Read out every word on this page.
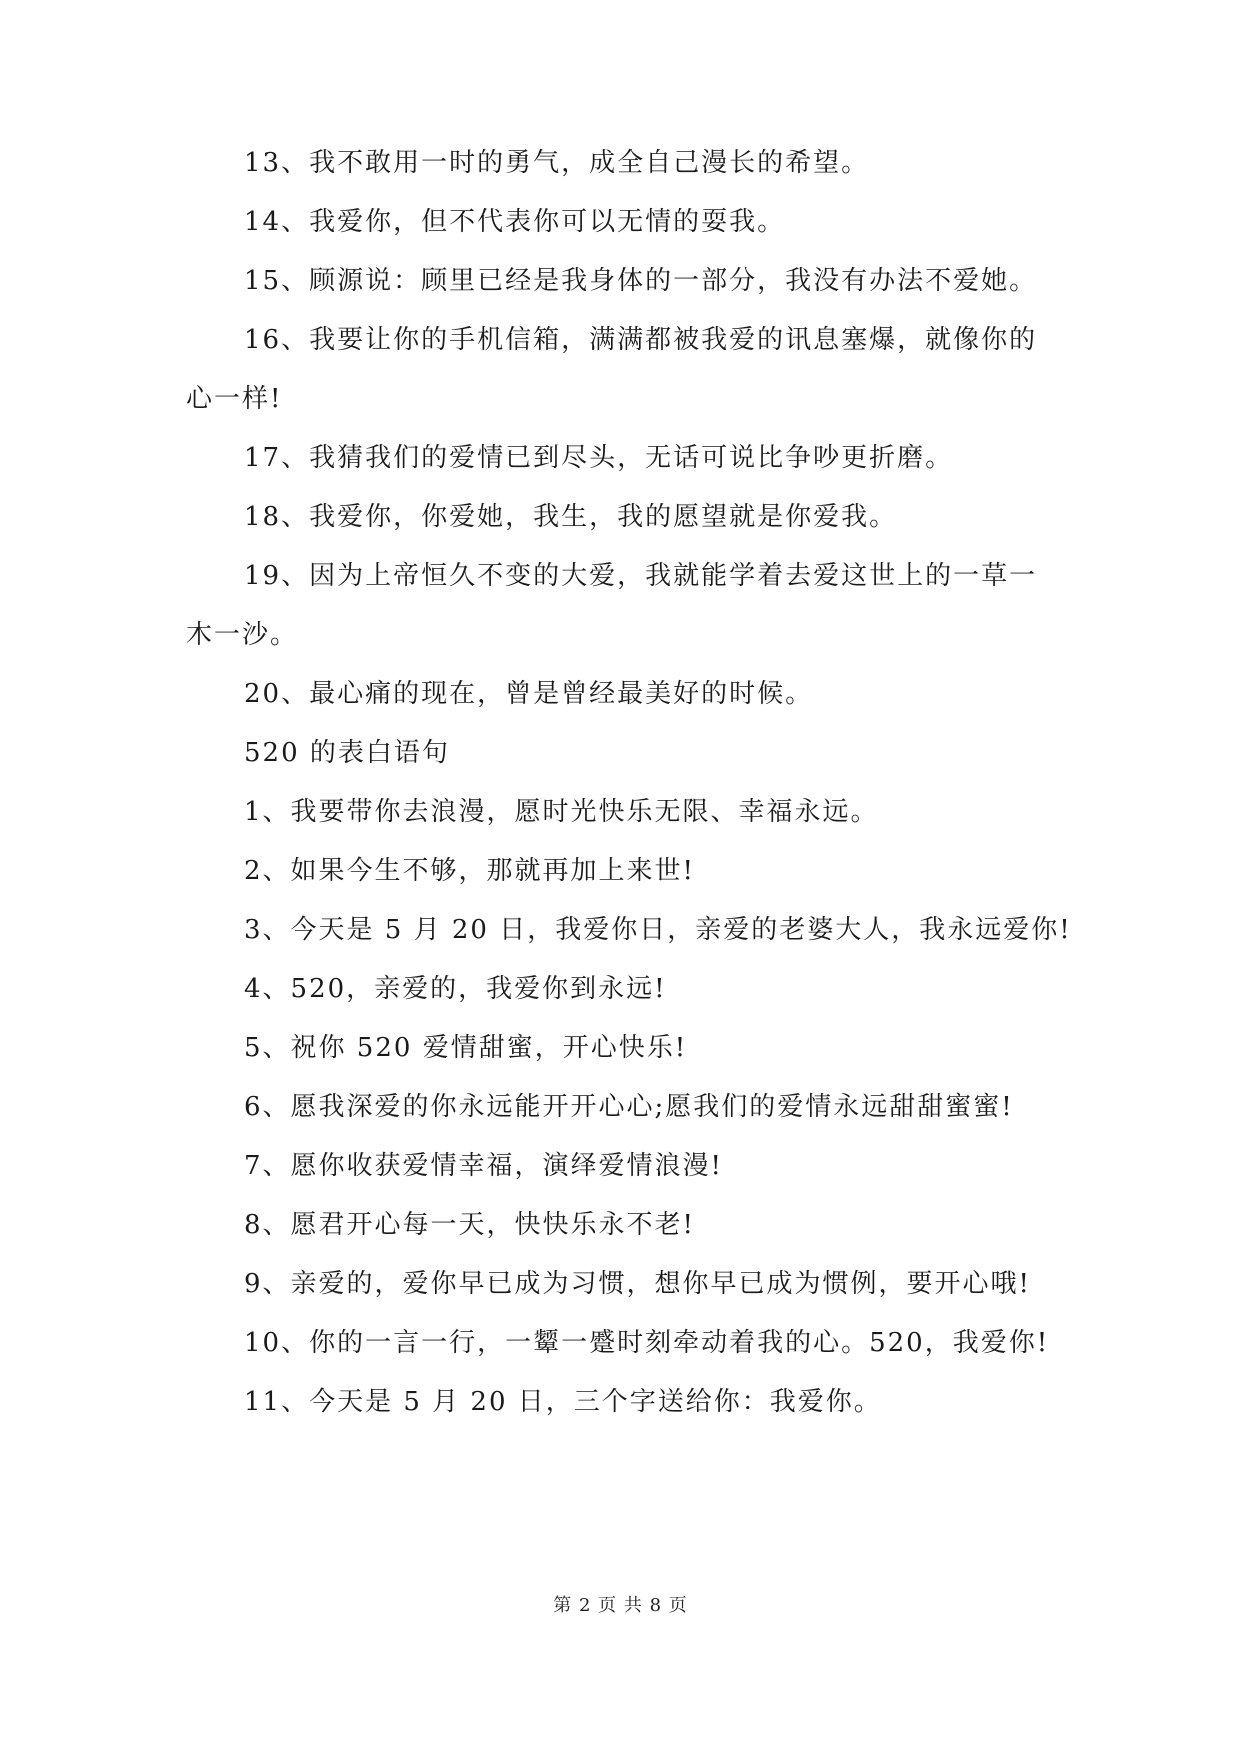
13、我不敢用一时的勇气，成全自己漫长的希望。
14、我爱你，但不代表你可以无情的耍我。
15、顾源说：顾里已经是我身体的一部分，我没有办法不爱她。
16、我要让你的手机信箱，满满都被我爱的讯息塞爆，就像你的
心一样!
17、我猜我们的爱情已到尽头，无话可说比争吵更折磨。
18、我爱你，你爱她，我生，我的愿望就是你爱我。
19、因为上帝恒久不变的大爱，我就能学着去爱这世上的一草一
木一沙。
20、最心痛的现在，曾是曾经最美好的时候。
520 的表白语句
1、我要带你去浪漫，愿时光快乐无限、幸福永远。
2、如果今生不够，那就再加上来世!
3、今天是 5 月 20 日，我爱你日，亲爱的老婆大人，我永远爱你!
4、520，亲爱的，我爱你到永远!
5、祝你 520 爱情甜蜜，开心快乐!
6、愿我深爱的你永远能开开心心;愿我们的爱情永远甜甜蜜蜜!
7、愿你收获爱情幸福，演绎爱情浪漫!
8、愿君开心每一天，快快乐永不老!
9、亲爱的，爱你早已成为习惯，想你早已成为惯例，要开心哦!
10、你的一言一行，一颦一蹙时刻牵动着我的心。520，我爱你!
11、今天是 5 月 20 日，三个字送给你：我爱你。
第 2 页 共 8 页
